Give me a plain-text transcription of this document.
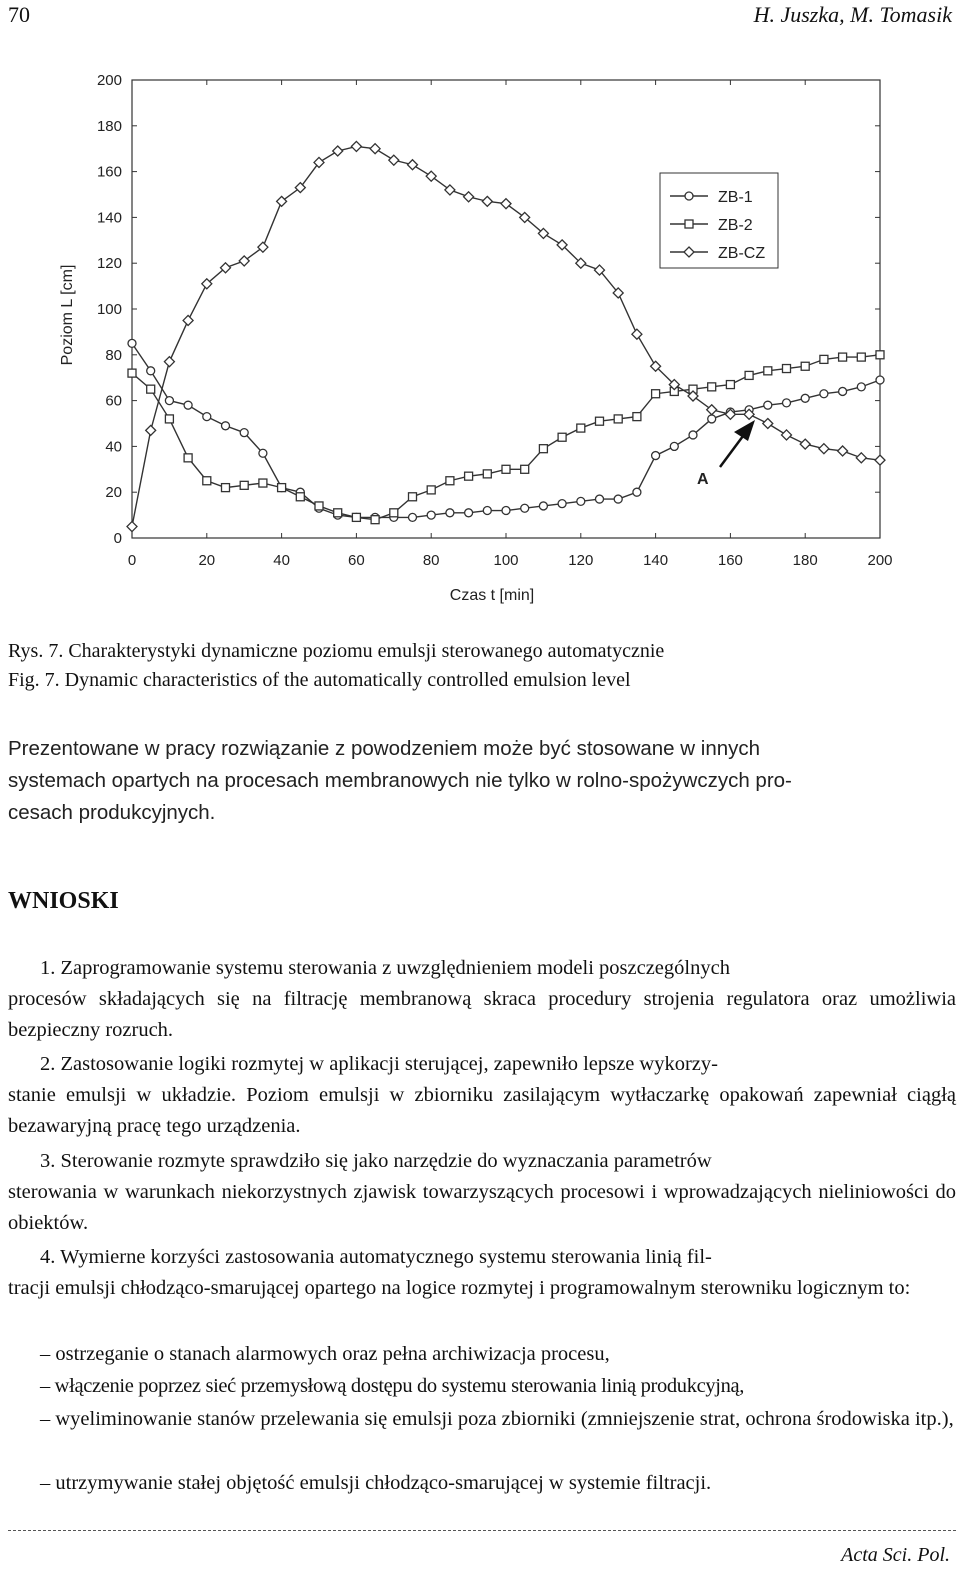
70	H. Juszka, M. Tomasik
0	20	40	60	80	100	120	140	160	180	200
0
20
40
60
80
100
120
140
160
180
200
Poziom L [cm]
Czas t [min]
ZB-1
ZB-2
ZB-CZ
A
Rys. 7. Charakterystyki dynamiczne poziomu emulsji sterowanego automatycznie
Fig. 7. Dynamic characteristics of the automatically controlled emulsion level

Prezentowane w pracy rozwiązanie z powodzeniem może być stosowane w innych

systemach opartych na procesach membranowych nie tylko w rolno-spożywczych pro-

cesach produkcyjnych.

WNIOSKI

1. Zaprogramowanie systemu sterowania z uwzględnieniem modeli poszczególnych

procesów składających się na filtrację membranową skraca procedury strojenia regulatora oraz umożliwia bezpieczny rozruch.

2. Zastosowanie logiki rozmytej w aplikacji sterującej, zapewniło lepsze wykorzy-

stanie emulsji w układzie. Poziom emulsji w zbiorniku zasilającym wytłaczarkę opakowań zapewniał ciągłą bezawaryjną pracę tego urządzenia.

3. Sterowanie rozmyte sprawdziło się jako narzędzie do wyznaczania parametrów

sterowania w warunkach niekorzystnych zjawisk towarzyszących procesowi i wprowadzających nieliniowości do obiektów.

4. Wymierne korzyści zastosowania automatycznego systemu sterowania linią fil-

tracji emulsji chłodząco-smarującej opartego na logice rozmytej i programowalnym sterowniku logicznym to:

– ostrzeganie o stanach alarmowych oraz pełna archiwizacja procesu,
– włączenie poprzez sieć przemysłową dostępu do systemu sterowania linią produkcyjną,
– wyeliminowanie stanów przelewania się emulsji poza zbiorniki (zmniejszenie strat, ochrona środowiska itp.),
– utrzymywanie stałej objętość emulsji chłodząco-smarującej w systemie filtracji.
Acta Sci. Pol.
